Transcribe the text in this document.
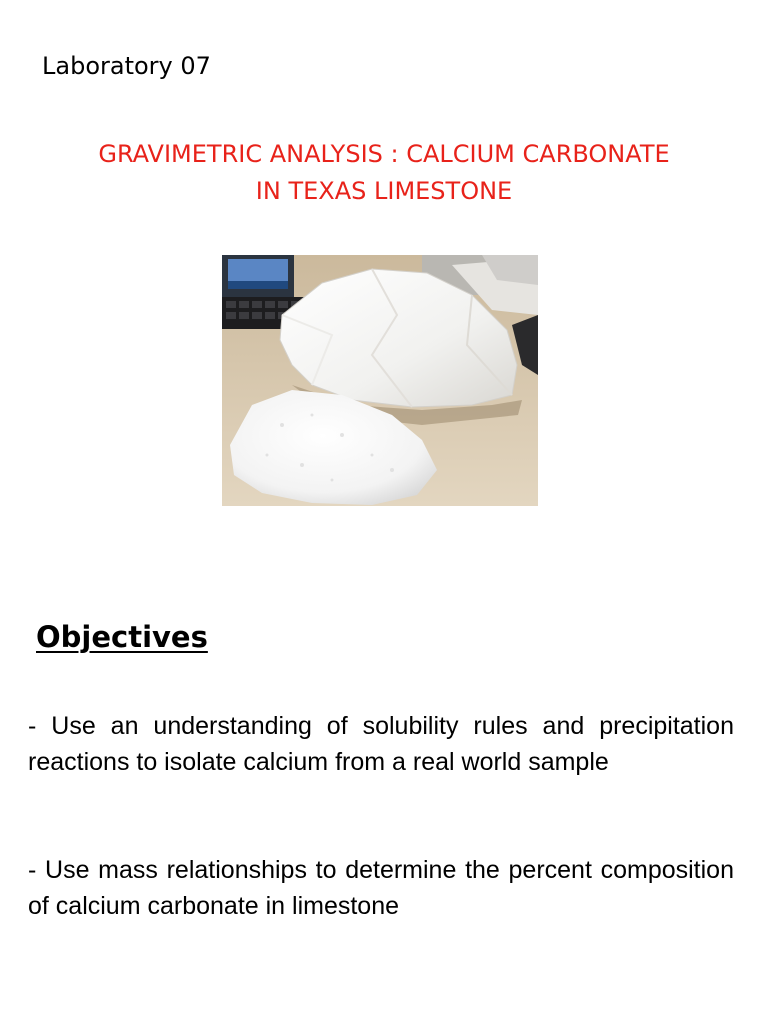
Laboratory 07
GRAVIMETRIC ANALYSIS : CALCIUM CARBONATE
IN TEXAS LIMESTONE
Objectives
- Use an understanding of solubility rules and precipitation reactions to isolate calcium from a real world sample
- Use mass relationships to determine the percent composition of calcium carbonate in limestone
